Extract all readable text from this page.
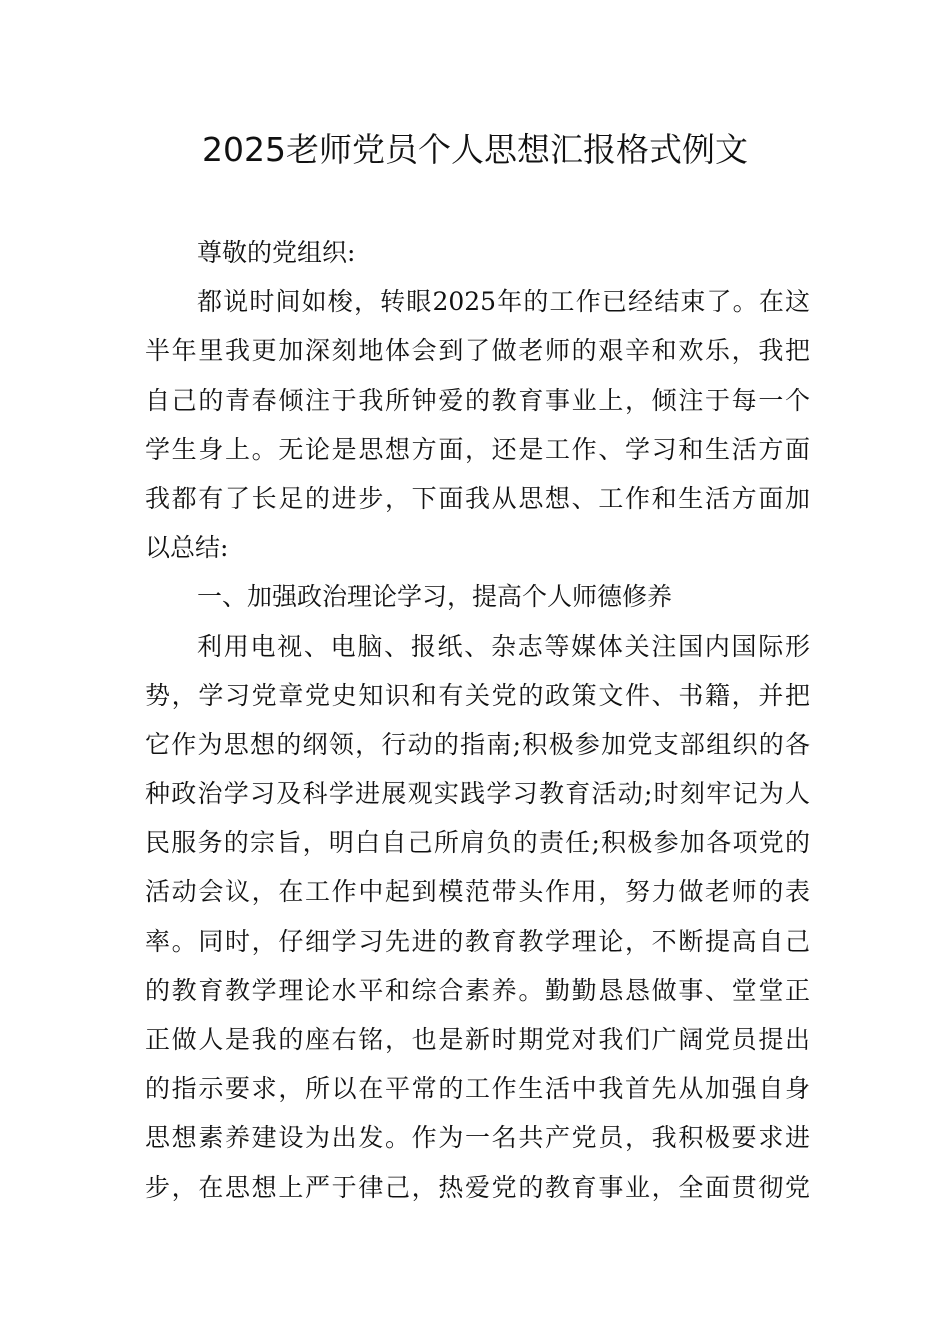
2025老师党员个人思想汇报格式例文
尊敬的党组织:
都说时间如梭，转眼2025年的工作已经结束了。在这
半年里我更加深刻地体会到了做老师的艰辛和欢乐，我把
自己的青春倾注于我所钟爱的教育事业上，倾注于每一个
学生身上。无论是思想方面，还是工作、学习和生活方面
我都有了长足的进步，下面我从思想、工作和生活方面加
以总结:
一、加强政治理论学习，提高个人师德修养
利用电视、电脑、报纸、杂志等媒体关注国内国际形
势，学习党章党史知识和有关党的政策文件、书籍，并把
它作为思想的纲领，行动的指南;积极参加党支部组织的各
种政治学习及科学进展观实践学习教育活动;时刻牢记为人
民服务的宗旨，明白自己所肩负的责任;积极参加各项党的
活动会议，在工作中起到模范带头作用，努力做老师的表
率。同时，仔细学习先进的教育教学理论，不断提高自己
的教育教学理论水平和综合素养。勤勤恳恳做事、堂堂正
正做人是我的座右铭，也是新时期党对我们广阔党员提出
的指示要求，所以在平常的工作生活中我首先从加强自身
思想素养建设为出发。作为一名共产党员，我积极要求进
步，在思想上严于律己，热爱党的教育事业，全面贯彻党
